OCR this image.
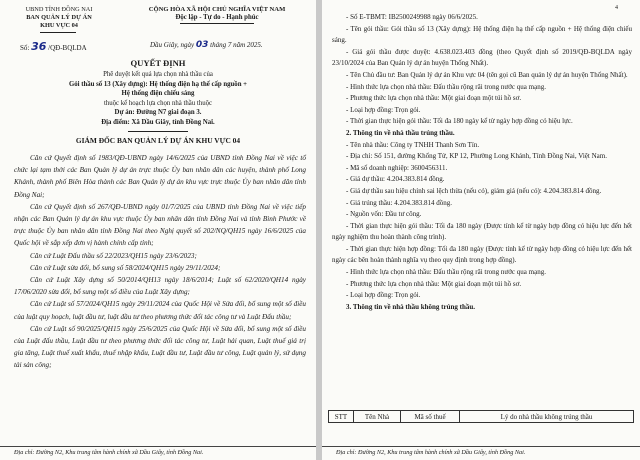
UBND TỈNH ĐỒNG NAI
BAN QUẢN LÝ DỰ ÁN
KHU VỰC 04
CỘNG HÒA XÃ HỘI CHỦ NGHĨA VIỆT NAM
Độc lập - Tự do - Hạnh phúc
Số: 36 /QĐ-BQLDA	Dầu Giây, ngày 03 tháng 7 năm 2025.
QUYẾT ĐỊNH
Phê duyệt kết quả lựa chọn nhà thầu của
Gói thầu số 13 (Xây dựng): Hệ thống điện hạ thế cấp nguồn +
Hệ thống điện chiếu sáng
thuộc kế hoạch lựa chọn nhà thầu thuộc
Dự án: Đường N7 giai đoạn 3.
Địa điểm: Xã Dầu Giây, tỉnh Đồng Nai.
GIÁM ĐỐC BAN QUẢN LÝ DỰ ÁN KHU VỰC 04
Căn cứ Quyết định số 1983/QĐ-UBND ngày 14/6/2025 của UBND tỉnh Đồng Nai về việc tổ chức lại tạm thời các Ban Quản lý dự án trực thuộc Ủy ban nhân dân các huyện, thành phố Long Khánh, thành phố Biên Hòa thành các Ban Quản lý dự án khu vực trực thuộc Ủy ban nhân dân tỉnh Đồng Nai;
Căn cứ Quyết định số 267/QĐ-UBND ngày 01/7/2025 của UBND tỉnh Đồng Nai về việc tiếp nhận các Ban Quản lý dự án khu vực thuộc Ủy ban nhân dân tỉnh Đồng Nai và tỉnh Bình Phước về trực thuộc Ủy ban nhân dân tỉnh Đồng Nai theo Nghị quyết số 202/NQ/QH15 ngày 16/6/2025 của Quốc hội về sắp xếp đơn vị hành chính cấp tỉnh;
Căn cứ Luật Đấu thầu số 22/2023/QH15 ngày 23/6/2023;
Căn cứ Luật sửa đổi, bổ sung số 58/2024/QH15 ngày 29/11/2024;
Căn cứ Luật Xây dựng số 50/2014/QH13 ngày 18/6/2014; Luật số 62/2020/QH14 ngày 17/06/2020 sửa đổi, bổ sung một số điều của Luật Xây dựng;
Căn cứ Luật số 57/2024/QH15 ngày 29/11/2024 của Quốc Hội về Sửa đổi, bổ sung một số điều của luật quy hoạch, luật đầu tư, luật đầu tư theo phương thức đối tác công tư và Luật Đấu thầu;
Căn cứ Luật số 90/2025/QH15 ngày 25/6/2025 của Quốc Hội về Sửa đổi, bổ sung một số điều của Luật đấu thầu, Luật đầu tư theo phương thức đối tác công tư, Luật hải quan, Luật thuế giá trị gia tăng, Luật thuế xuất khẩu, thuế nhập khẩu, Luật đầu tư, Luật đầu tư công, Luật quản lý, sử dụng tài sản công;
Địa chỉ: Đường N2, Khu trung tâm hành chính xã Dầu Giây, tỉnh Đồng Nai.
4
- Số E-TBMT: IB2500249988 ngày 06/6/2025.
- Tên gói thầu: Gói thầu số 13 (Xây dựng): Hệ thống điện hạ thế cấp nguồn + Hệ thống điện chiếu sáng.
- Giá gói thầu được duyệt: 4.638.023.403 đồng (theo Quyết định số 2019/QĐ-BQLDA ngày 23/10/2024 của Ban Quản lý dự án huyện Thống Nhất).
- Tên Chủ đầu tư: Ban Quản lý dự án Khu vực 04 (tên gọi cũ Ban quản lý dự án huyện Thống Nhất).
- Hình thức lựa chọn nhà thầu: Đấu thầu rộng rãi trong nước qua mạng.
- Phương thức lựa chọn nhà thầu: Một giai đoạn một túi hồ sơ.
- Loại hợp đồng: Trọn gói.
- Thời gian thực hiện gói thầu: Tối đa 180 ngày kể từ ngày hợp đồng có hiệu lực.
2. Thông tin về nhà thầu trúng thầu.
- Tên nhà thầu: Công ty TNHH Thanh Sơn Tín.
- Địa chỉ: Số 151, đường Khổng Tử, KP 12, Phường Long Khánh, Tỉnh Đồng Nai, Việt Nam.
- Mã số doanh nghiệp: 3600456311.
- Giá dự thầu: 4.204.383.814 đồng.
- Giá dự thầu sau hiệu chỉnh sai lệch thừa (nếu có), giảm giá (nếu có): 4.204.383.814 đồng.
- Giá trúng thầu: 4.204.383.814 đồng.
- Nguồn vốn: Đầu tư công.
- Thời gian thực hiện gói thầu: Tối đa 180 ngày (Được tính kể từ ngày hợp đồng có hiệu lực đến hết ngày nghiệm thu hoàn thành công trình).
- Thời gian thực hiện hợp đồng: Tối đa 180 ngày (Được tính kể từ ngày hợp đồng có hiệu lực đến hết ngày các bên hoàn thành nghĩa vụ theo quy định trong hợp đồng).
- Hình thức lựa chọn nhà thầu: Đấu thầu rộng rãi trong nước qua mạng.
- Phương thức lựa chọn nhà thầu: Một giai đoạn một túi hồ sơ.
- Loại hợp đồng: Trọn gói.
3. Thông tin về nhà thầu không trúng thầu.
STT	Tên Nhà	Mã số thuế	Lý do nhà thầu không trúng thầu
Địa chỉ: Đường N2, Khu trung tâm hành chính xã Dầu Giây, tỉnh Đồng Nai.
